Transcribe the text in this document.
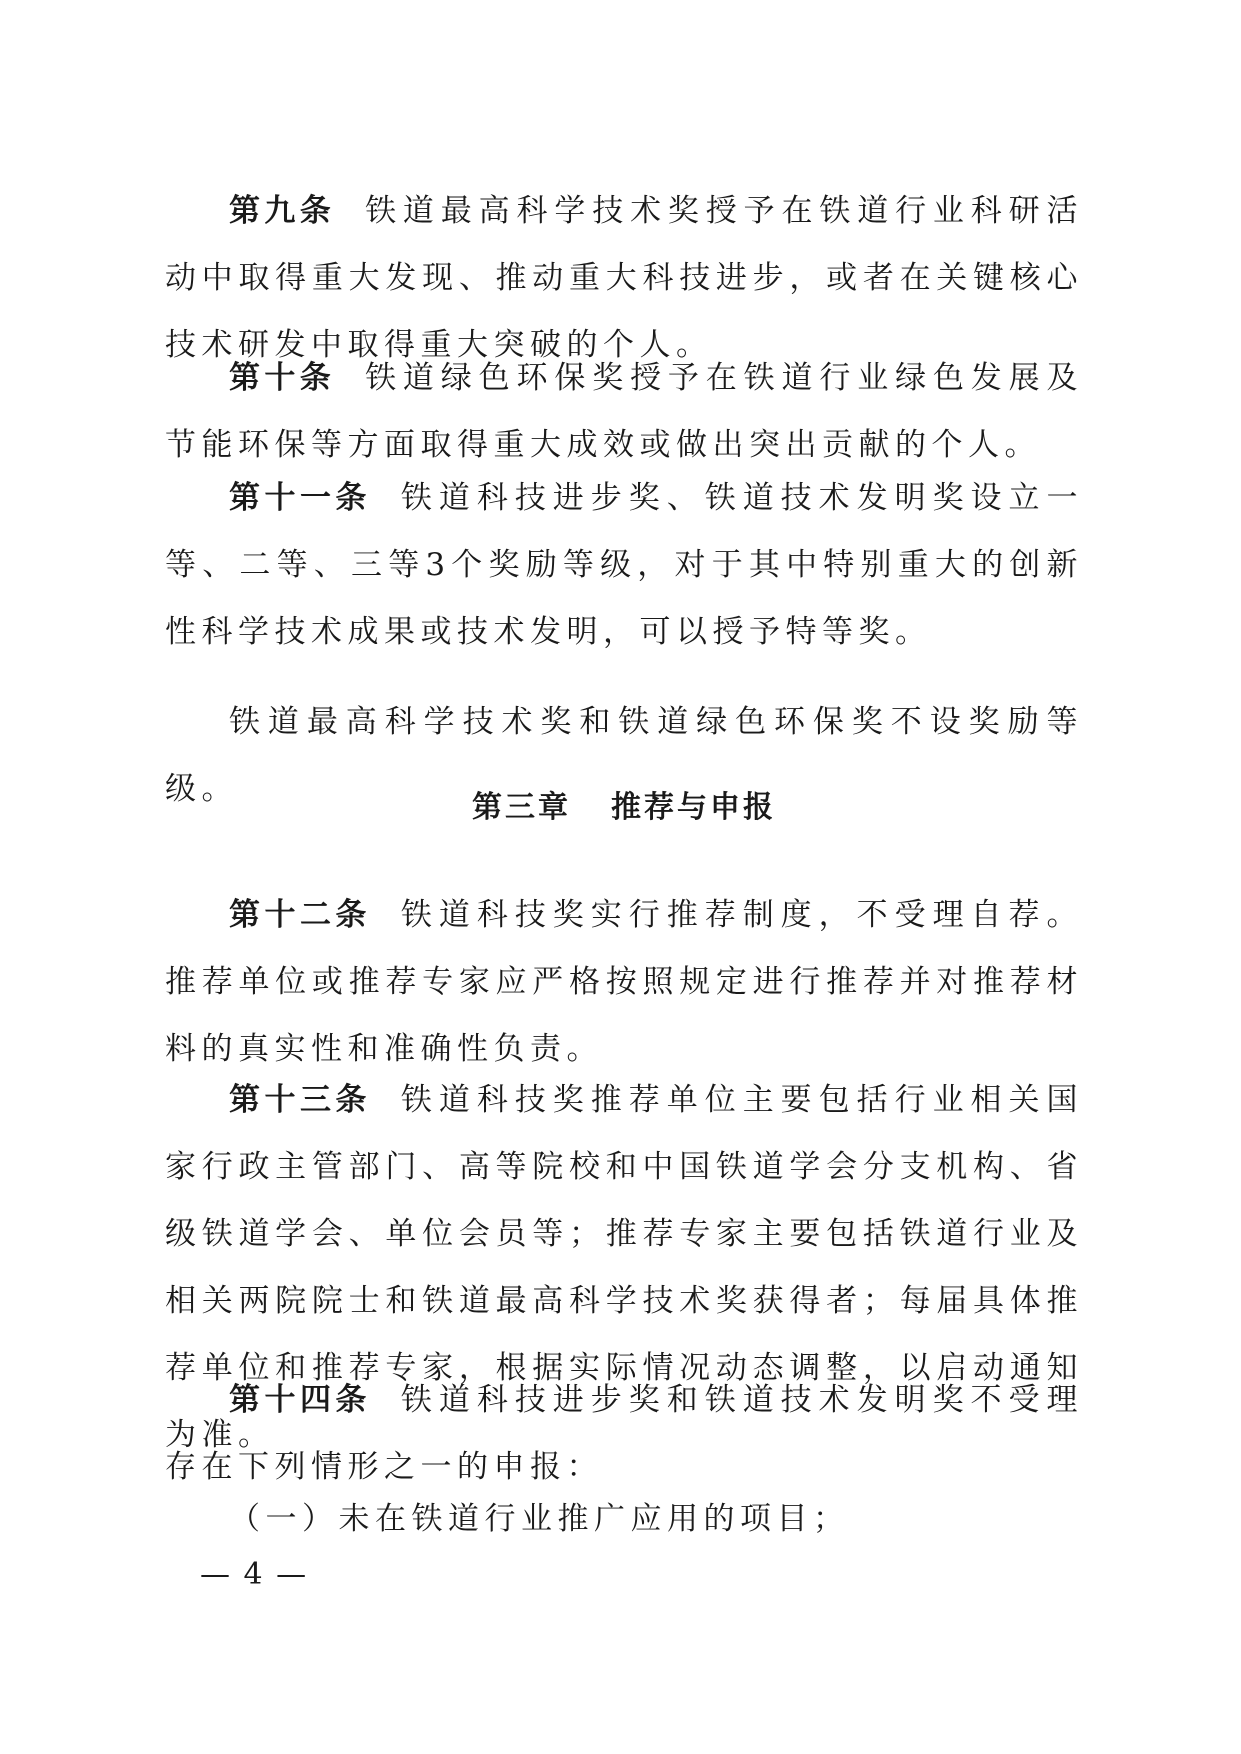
第九条 铁道最高科学技术奖授予在铁道行业科研活动中取得重大发现、推动重大科技进步，或者在关键核心技术研发中取得重大突破的个人。

第十条 铁道绿色环保奖授予在铁道行业绿色发展及节能环保等方面取得重大成效或做出突出贡献的个人。

第十一条 铁道科技进步奖、铁道技术发明奖设立一等、二等、三等3个奖励等级，对于其中特别重大的创新性科学技术成果或技术发明，可以授予特等奖。

铁道最高科学技术奖和铁道绿色环保奖不设奖励等级。

第三章 推荐与申报

第十二条 铁道科技奖实行推荐制度，不受理自荐。推荐单位或推荐专家应严格按照规定进行推荐并对推荐材料的真实性和准确性负责。

第十三条 铁道科技奖推荐单位主要包括行业相关国家行政主管部门、高等院校和中国铁道学会分支机构、省级铁道学会、单位会员等；推荐专家主要包括铁道行业及相关两院院士和铁道最高科学技术奖获得者；每届具体推荐单位和推荐专家，根据实际情况动态调整，以启动通知为准。

第十四条 铁道科技进步奖和铁道技术发明奖不受理存在下列情形之一的申报：

（一）未在铁道行业推广应用的项目；

— 4 —
